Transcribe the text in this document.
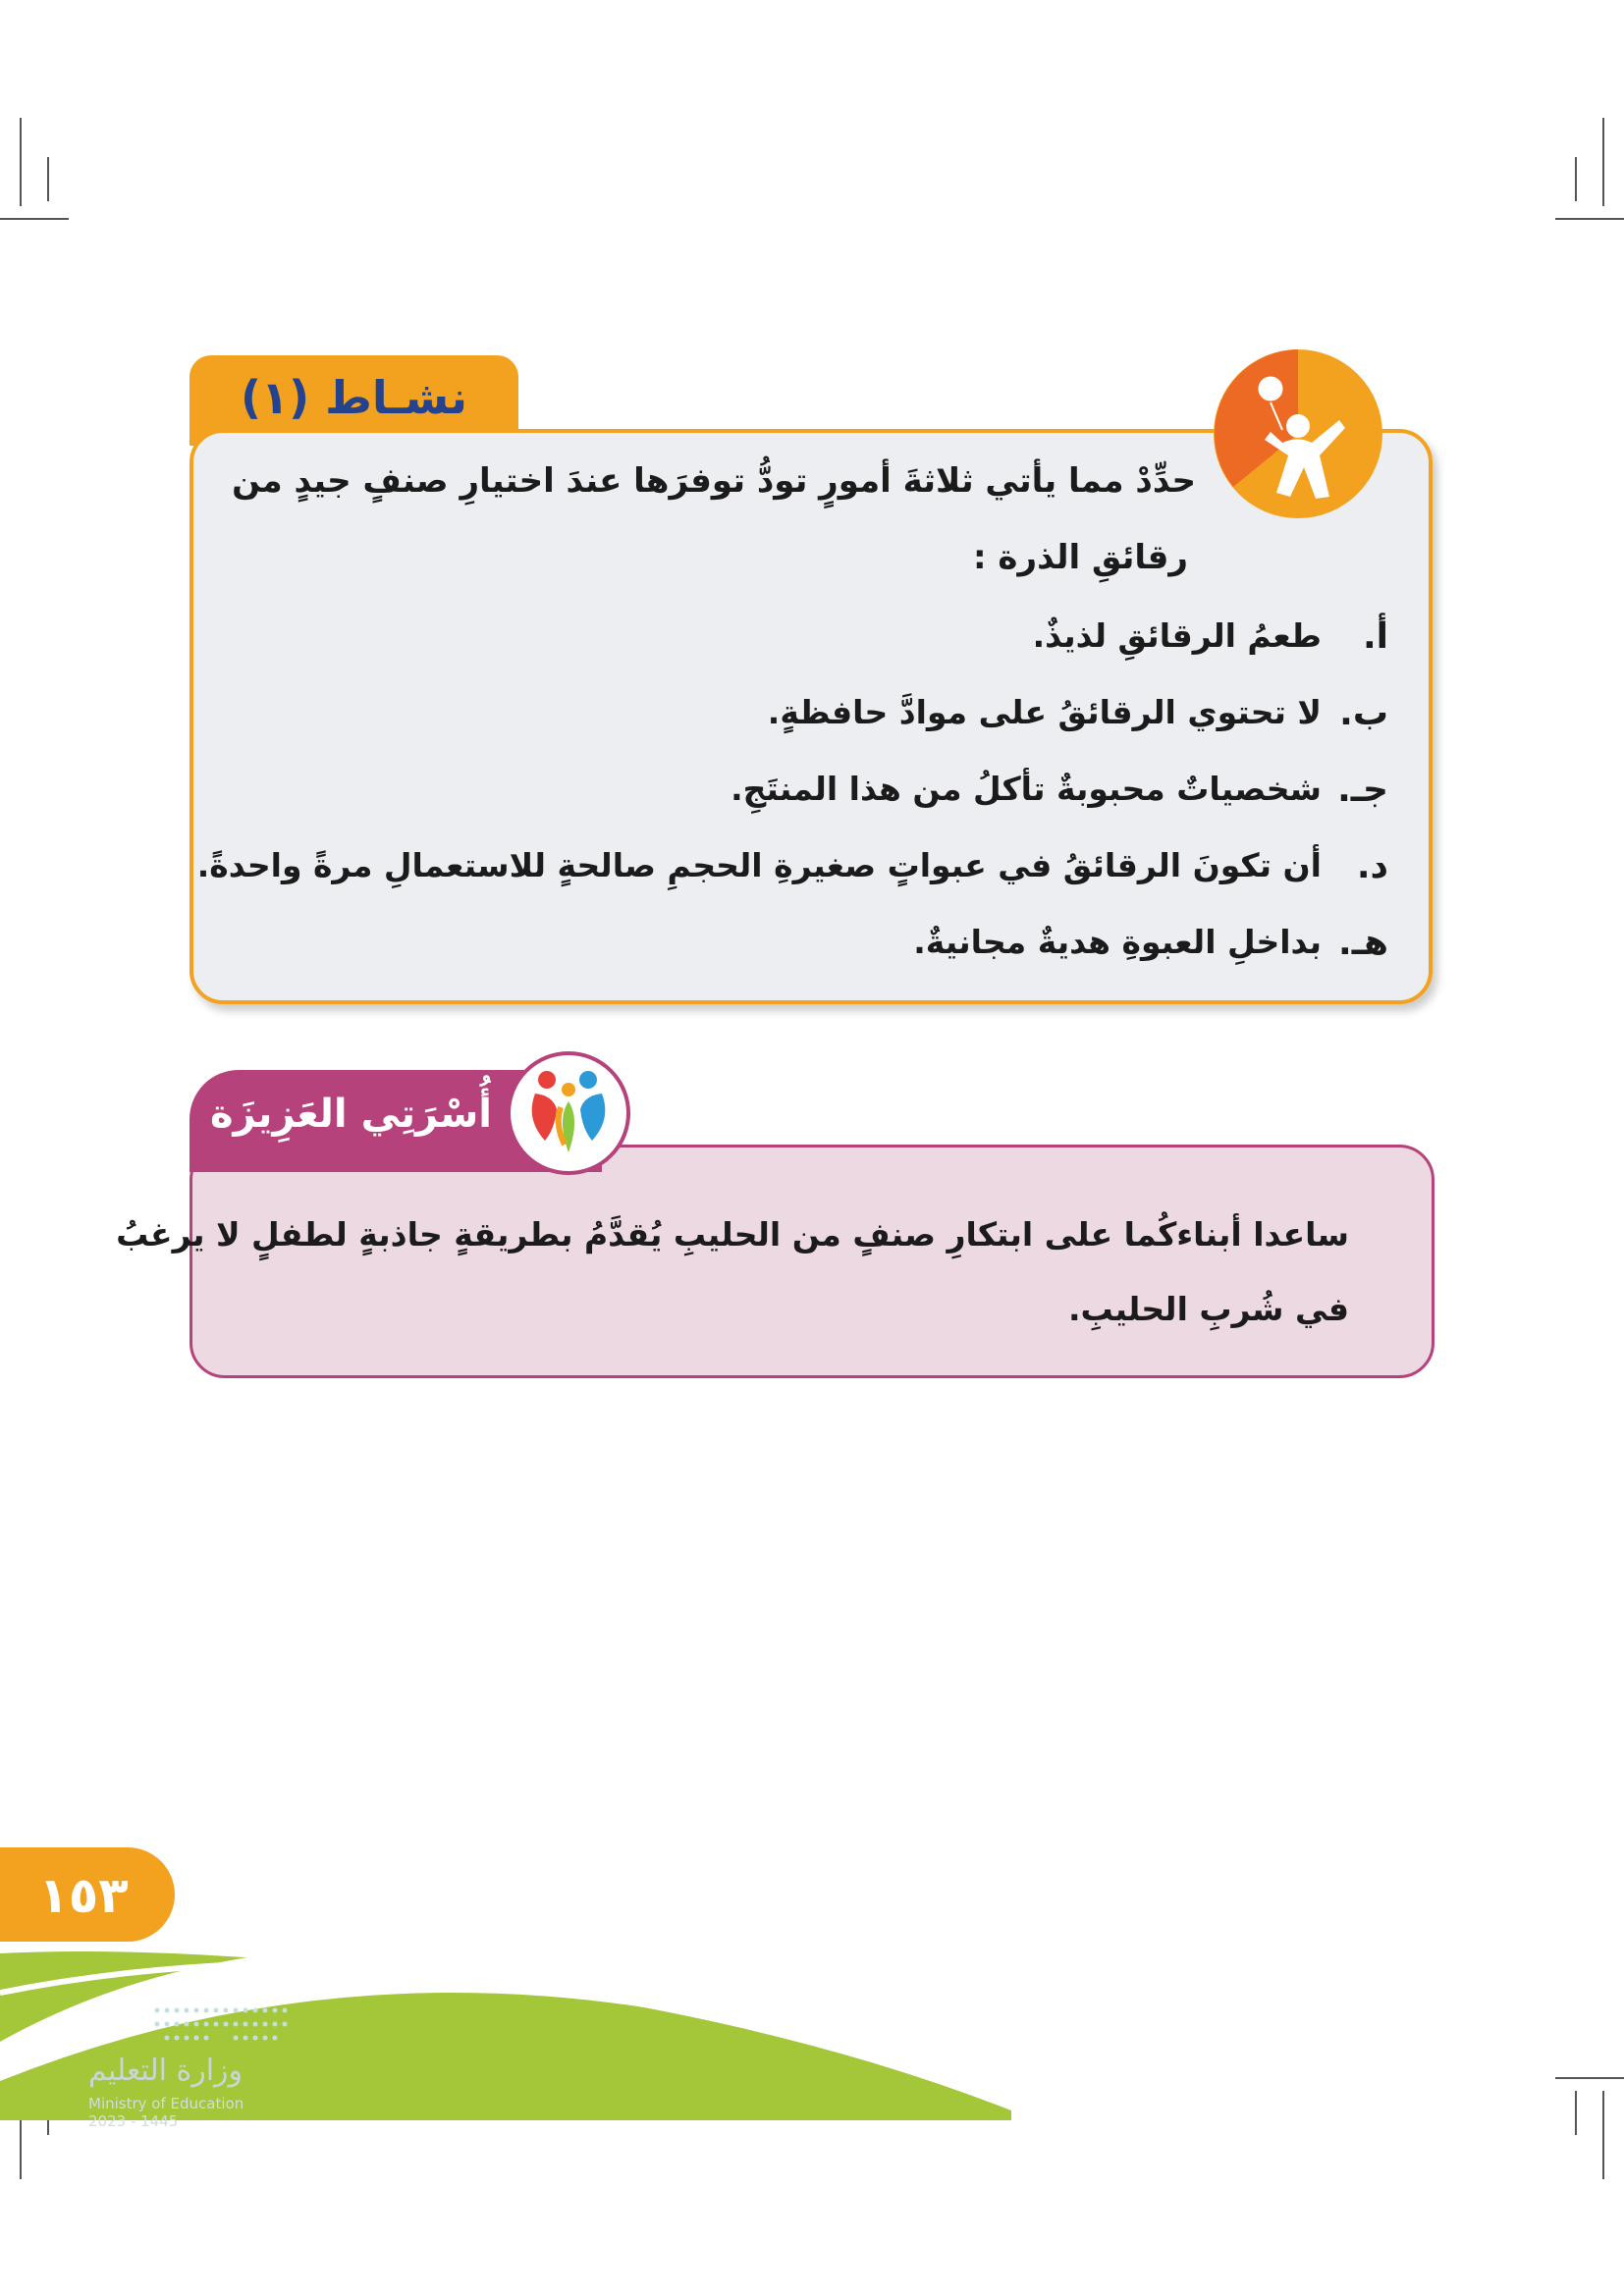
نشـاط (١)
حدِّدْ مما يأتي ثلاثةَ أمورٍ تودُّ توفرَها عندَ اختيارِ صنفٍ جيدٍ من
رقائقِ الذرة :
أ.
طعمُ الرقائقِ لذيذٌ.
ب.
لا تحتوي الرقائقُ على موادَّ حافظةٍ.
جـ.
شخصياتٌ محبوبةٌ تأكلُ من هذا المنتَجِ.
د.
أن تكونَ الرقائقُ في عبواتٍ صغيرةِ الحجمِ صالحةٍ للاستعمالِ مرةً واحدةً.
هـ.
بداخلِ العبوةِ هديةٌ مجانيةٌ.
أُسْرَتِي العَزِيزَة
ساعدا أبناءكُما على ابتكارِ صنفٍ من الحليبِ يُقدَّمُ بطريقةٍ جاذبةٍ لطفلٍ لا يرغبُ
في شُربِ الحليبِ.
١٥٣
وزارة التعليم
Ministry of Education
2023 - 1445
